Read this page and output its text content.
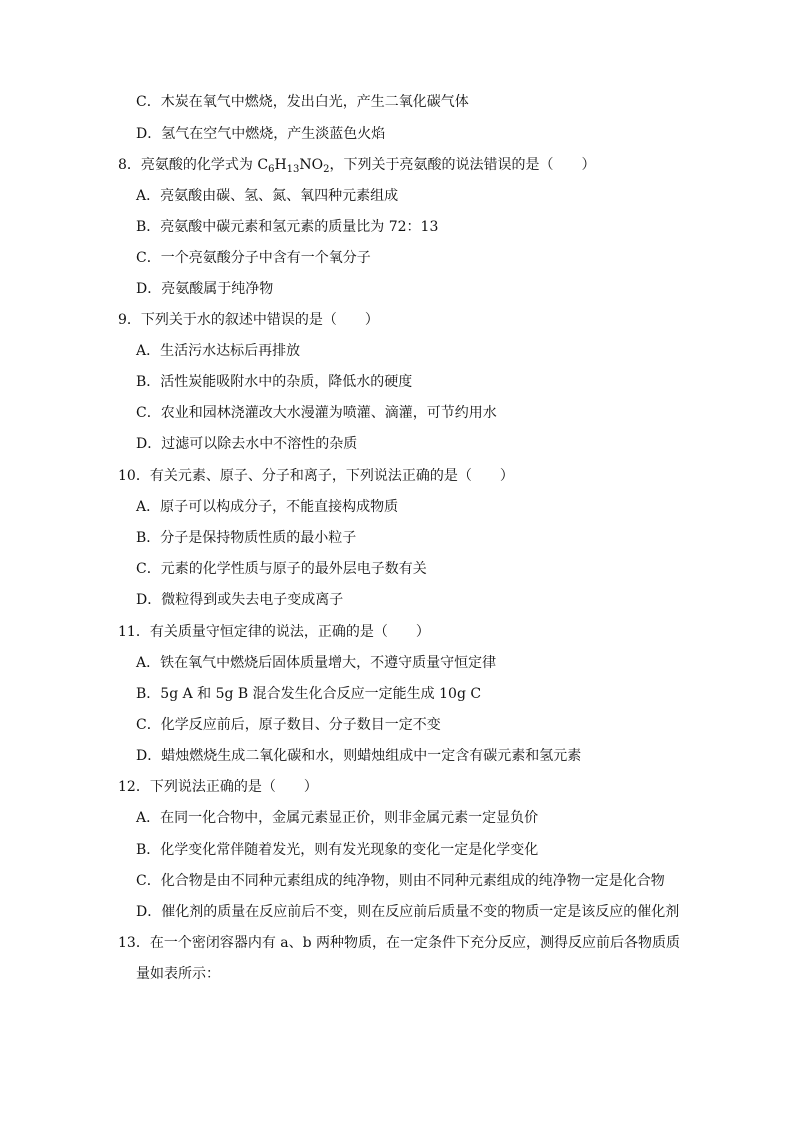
C．木炭在氧气中燃烧，发出白光，产生二氧化碳气体
D．氢气在空气中燃烧，产生淡蓝色火焰
8．亮氨酸的化学式为 $C_6H_{13}NO_2$，下列关于亮氨酸的说法错误的是（　　）
A．亮氨酸由碳、氢、氮、氧四种元素组成
B．亮氨酸中碳元素和氢元素的质量比为 72：13
C．一个亮氨酸分子中含有一个氧分子
D．亮氨酸属于纯净物
9．下列关于水的叙述中错误的是（　　）
A．生活污水达标后再排放
B．活性炭能吸附水中的杂质，降低水的硬度
C．农业和园林浇灌改大水漫灌为喷灌、滴灌，可节约用水
D．过滤可以除去水中不溶性的杂质
10．有关元素、原子、分子和离子，下列说法正确的是（　　）
A．原子可以构成分子，不能直接构成物质
B．分子是保持物质性质的最小粒子
C．元素的化学性质与原子的最外层电子数有关
D．微粒得到或失去电子变成离子
11．有关质量守恒定律的说法，正确的是（　　）
A．铁在氧气中燃烧后固体质量增大，不遵守质量守恒定律
B．5g A 和 5g B 混合发生化合反应一定能生成 10g C
C．化学反应前后，原子数目、分子数目一定不变
D．蜡烛燃烧生成二氧化碳和水，则蜡烛组成中一定含有碳元素和氢元素
12．下列说法正确的是（　　）
A．在同一化合物中，金属元素显正价，则非金属元素一定显负价
B．化学变化常伴随着发光，则有发光现象的变化一定是化学变化
C．化合物是由不同种元素组成的纯净物，则由不同种元素组成的纯净物一定是化合物
D．催化剂的质量在反应前后不变，则在反应前后质量不变的物质一定是该反应的催化剂
13．在一个密闭容器内有 a、b 两种物质，在一定条件下充分反应，测得反应前后各物质质
量如表所示：
